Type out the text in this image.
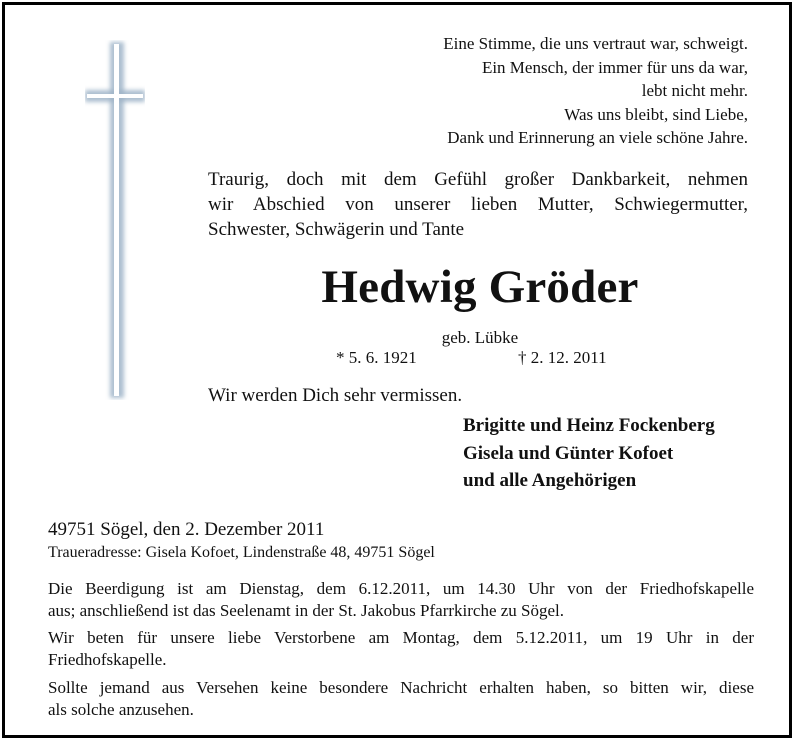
Eine Stimme, die uns vertraut war, schweigt.
Ein Mensch, der immer für uns da war,
lebt nicht mehr.
Was uns bleibt, sind Liebe,
Dank und Erinnerung an viele schöne Jahre.
Traurig, doch mit dem Gefühl großer Dankbarkeit, nehmen
wir Abschied von unserer lieben Mutter, Schwiegermutter,
Schwester, Schwägerin und Tante
Hedwig Gröder
geb. Lübke
* 5. 6. 1921	† 2. 12. 2011
Wir werden Dich sehr vermissen.
Brigitte und Heinz Fockenberg
Gisela und Günter Kofoet
und alle Angehörigen
49751 Sögel, den 2. Dezember 2011
Traueradresse: Gisela Kofoet, Lindenstraße 48, 49751 Sögel
Die Beerdigung ist am Dienstag, dem 6.12.2011, um 14.30 Uhr von der Friedhofskapelle
aus; anschließend ist das Seelenamt in der St. Jakobus Pfarrkirche zu Sögel.
Wir beten für unsere liebe Verstorbene am Montag, dem 5.12.2011, um 19 Uhr in der
Friedhofskapelle.
Sollte jemand aus Versehen keine besondere Nachricht erhalten haben, so bitten wir, diese
als solche anzusehen.
